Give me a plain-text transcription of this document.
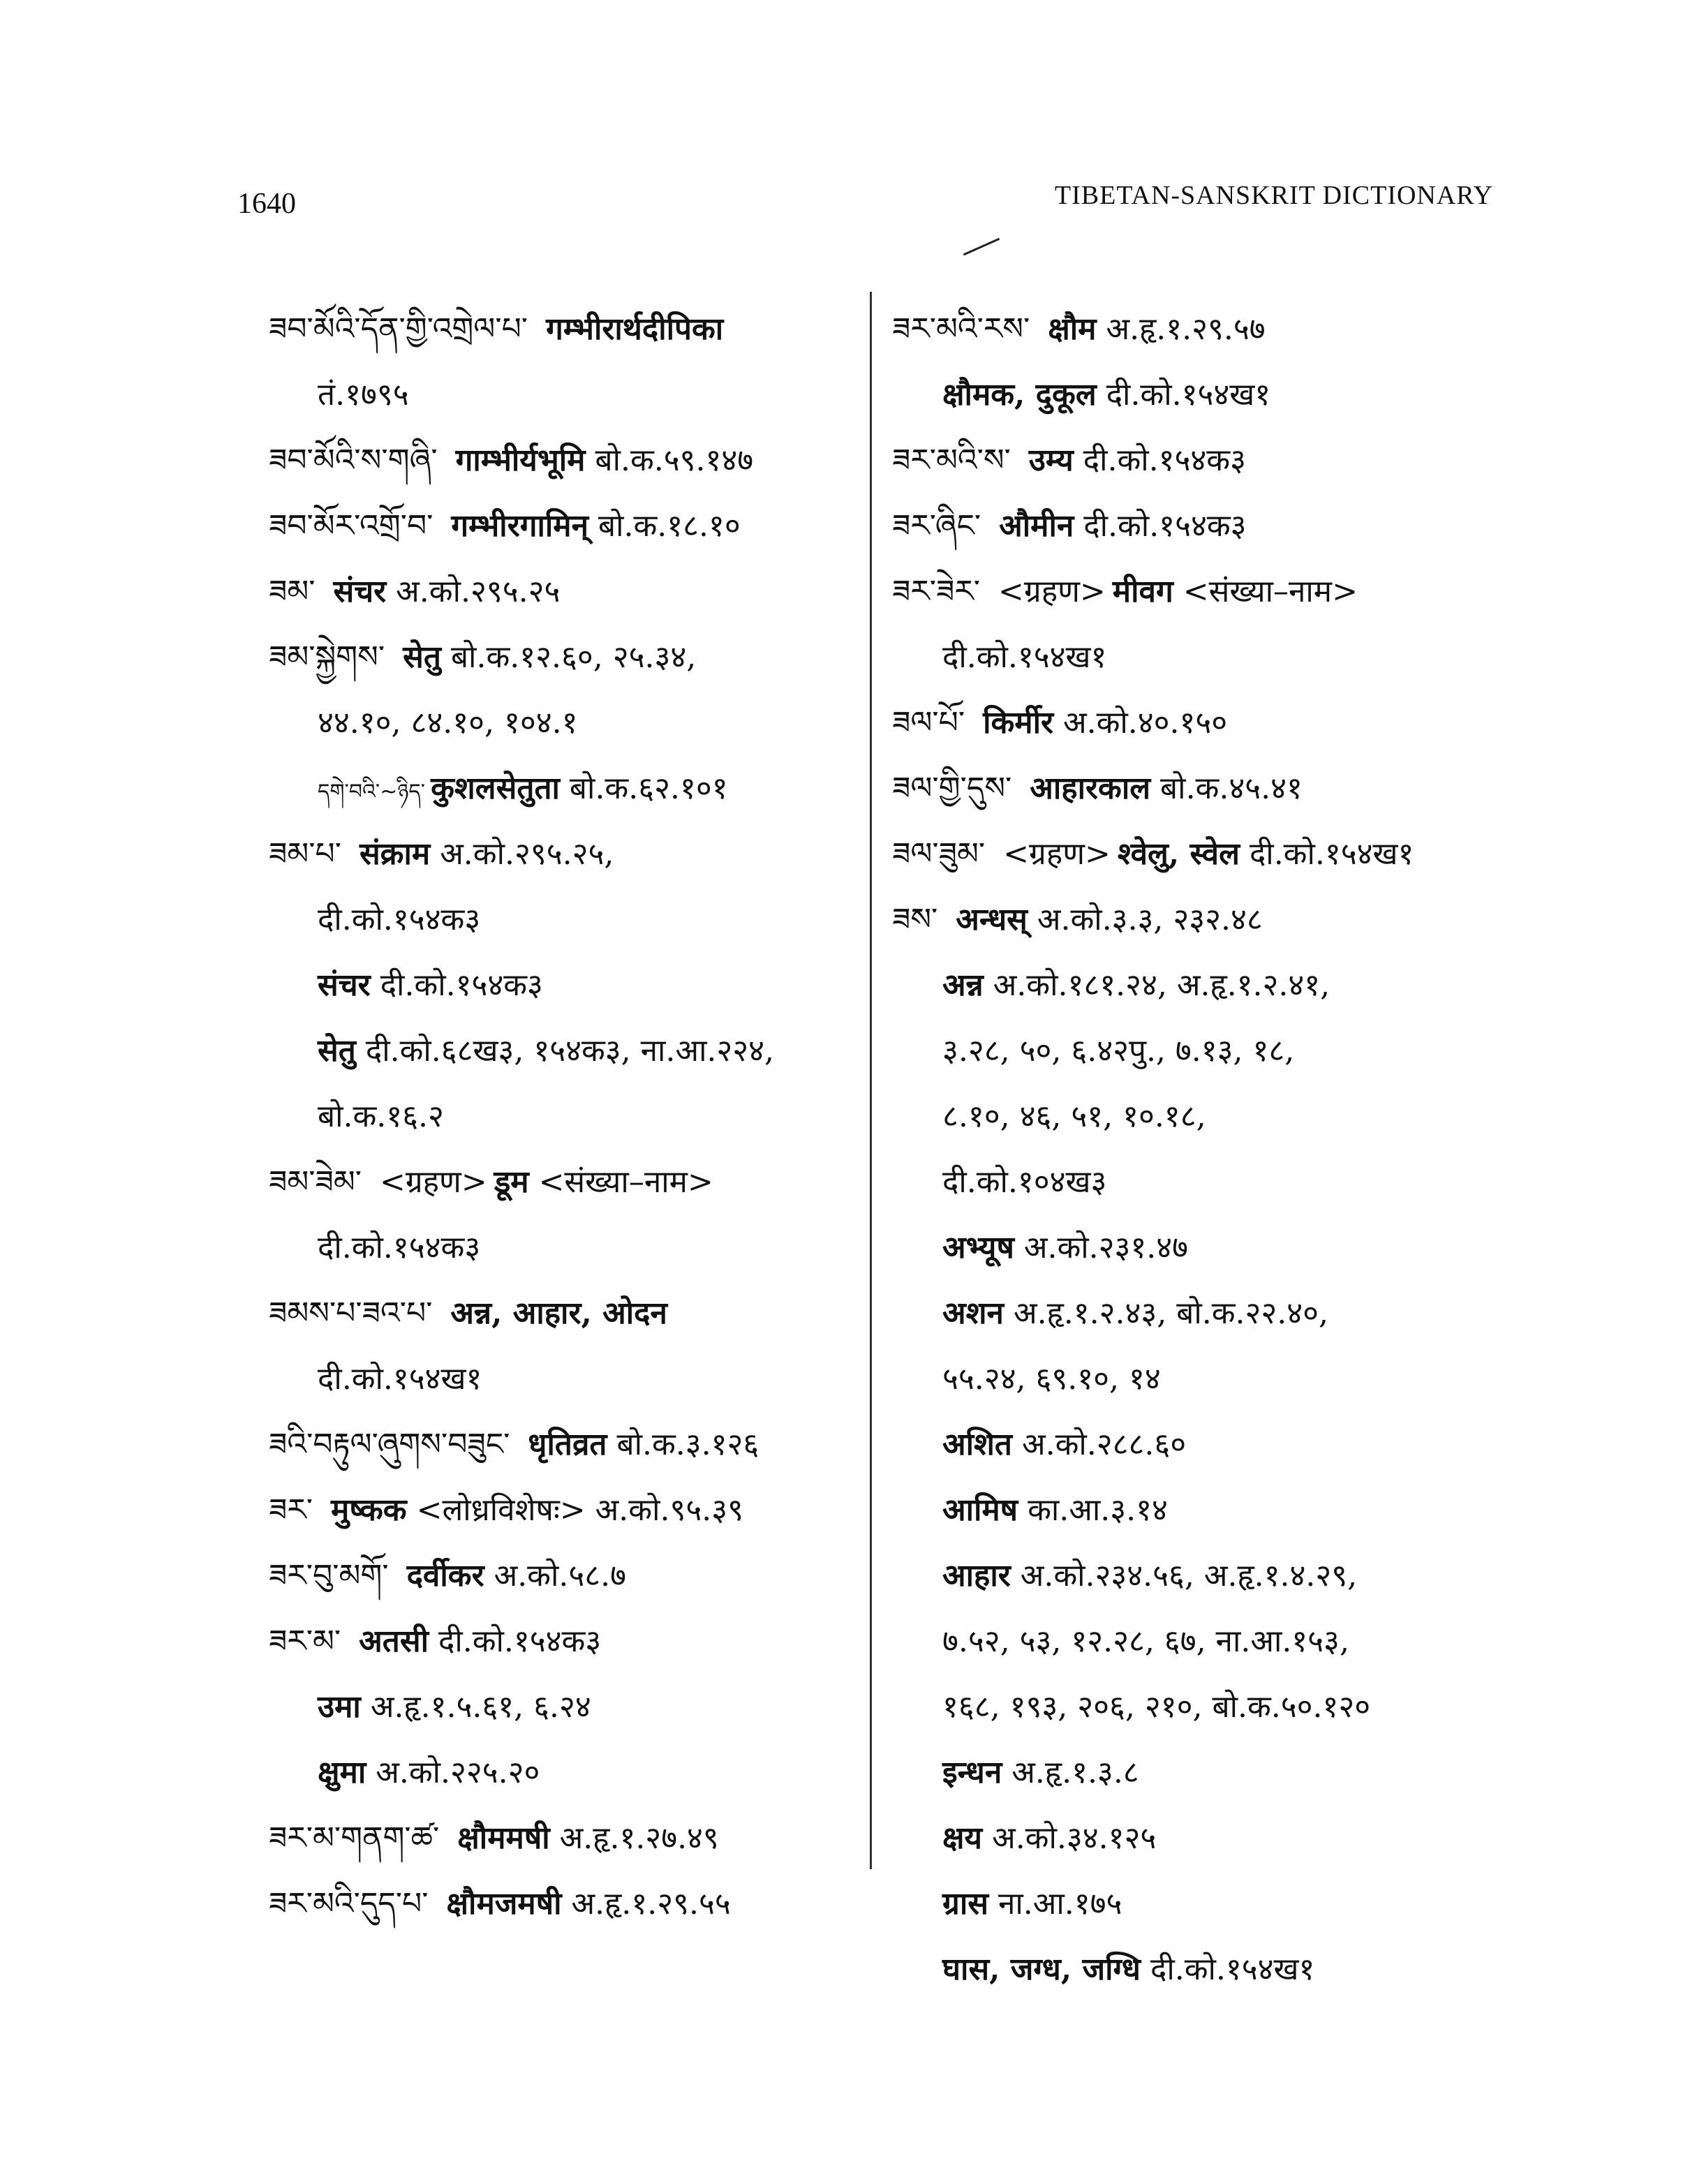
1640	TIBETAN-SANSKRIT DICTIONARY
ཟབ་མོའི་དོན་གྱི་འགྲེལ་པ་ गम्भीरार्थदीपिका
तं.१७९५
ཟབ་མོའི་ས་གཞི་ गाम्भीर्यभूमि बो.क.५९.१४७
ཟབ་མོར་འགྲོ་བ་ गम्भीरगामिन् बो.क.१८.१०
ཟམ་ संचर अ.को.२९५.२५
ཟམ་སྐྱེགས་ सेतु बो.क.१२.६०, २५.३४,
४४.१०, ८४.१०, १०४.१
དགེ་བའི་~ཉིད་ कुशलसेतुता बो.क.६२.१०१
ཟམ་པ་ संक्राम अ.को.२९५.२५,
दी.को.१५४क३
संचर दी.को.१५४क३
सेतु दी.को.६८ख३, १५४क३, ना.आ.२२४,
बो.क.१६.२
ཟམ་ཟེམ་ <ग्रहण> डूम <संख्या–नाम>
दी.को.१५४क३
ཟམས་པ་ཟའ་པ་ अन्न, आहार, ओदन
दी.को.१५४ख१
ཟའི་བརྟུལ་ཞུགས་བཟུང་ धृतिव्रत बो.क.३.१२६
ཟར་ मुष्कक <लोध्रविशेषः> अ.को.९५.३९
ཟར་བུ་མགོ་ दर्वीकर अ.को.५८.७
ཟར་མ་ अतसी दी.को.१५४क३
उमा अ.हृ.१.५.६१, ६.२४
क्षुमा अ.को.२२५.२०
ཟར་མ་གནག་ཚ་ क्षौममषी अ.हृ.१.२७.४९
ཟར་མའི་དུད་པ་ क्षौमजमषी अ.हृ.१.२९.५५
ཟར་མའི་རས་ क्षौम अ.हृ.१.२९.५७
क्षौमक, दुकूल दी.को.१५४ख१
ཟར་མའི་ས་ उम्य दी.को.१५४क३
ཟར་ཞིང་ औमीन दी.को.१५४क३
ཟར་ཟེར་ <ग्रहण> मीवग <संख्या–नाम>
दी.को.१५४ख१
ཟལ་པོ་ किर्मीर अ.को.४०.१५०
ཟལ་གྱི་དུས་ आहारकाल बो.क.४५.४१
ཟལ་ཟུམ་ <ग्रहण> श्वेलु, स्वेल दी.को.१५४ख१
ཟས་ अन्धस् अ.को.३.३, २३२.४८
अन्न अ.को.१८१.२४, अ.हृ.१.२.४१,
३.२८, ५०, ६.४२पु., ७.१३, १८,
८.१०, ४६, ५१, १०.१८,
दी.को.१०४ख३
अभ्यूष अ.को.२३१.४७
अशन अ.हृ.१.२.४३, बो.क.२२.४०,
५५.२४, ६९.१०, १४
अशित अ.को.२८८.६०
आमिष का.आ.३.१४
आहार अ.को.२३४.५६, अ.हृ.१.४.२९,
७.५२, ५३, १२.२८, ६७, ना.आ.१५३,
१६८, १९३, २०६, २१०, बो.क.५०.१२०
इन्धन अ.हृ.१.३.८
क्षय अ.को.३४.१२५
ग्रास ना.आ.१७५
घास, जग्ध, जग्धि दी.को.१५४ख१
